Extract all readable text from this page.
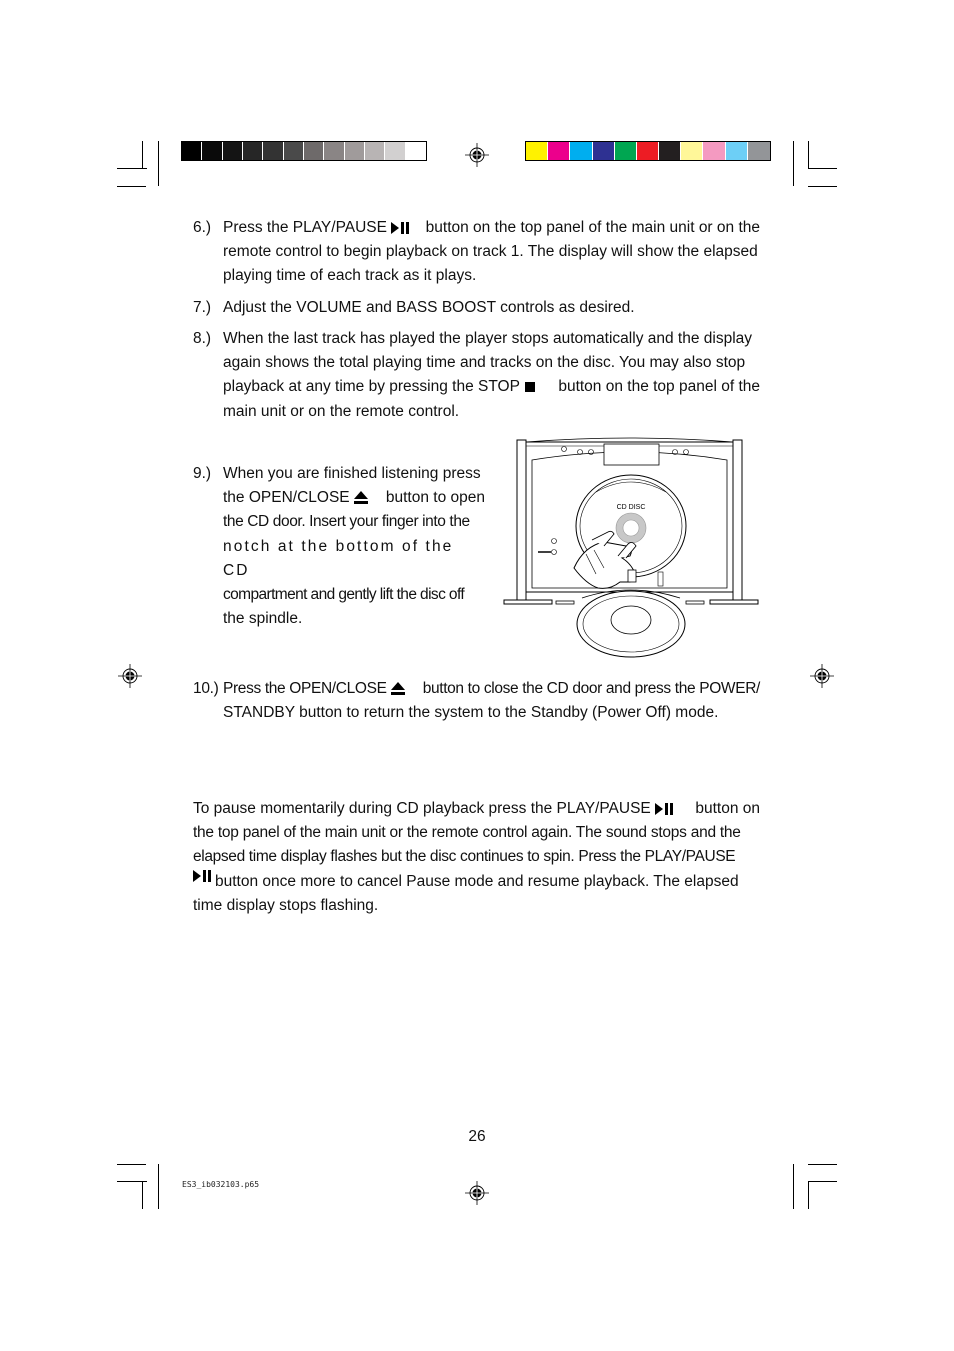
6.) Press the PLAY/PAUSE	button on the top panel of the main unit or on the
remote control to begin playback on track 1. The display will show the elapsed
playing time of each track as it plays.
7.) Adjust the VOLUME and BASS BOOST controls as desired.
8.) When the last track has played the player stops automatically and the display
again shows the total playing time and tracks on the disc. You may also stop
playback at any time by pressing the STOP	button on the top panel of the
main unit or on the remote control.
9.) When you are finished listening press
the OPEN/CLOSE	button to open
the CD door. Insert your finger into the
notch at the bottom of the CD
compartment and gently lift the disc off
the spindle.
CD DISC
10.) Press the OPEN/CLOSE	button to close the CD door and press the POWER/
STANDBY button to return the system to the Standby (Power Off) mode.
To pause momentarily during CD playback press the PLAY/PAUSE	button on
the top panel of the main unit or the remote control again. The sound stops and the
elapsed time display flashes but the disc continues to spin. Press the PLAY/PAUSE
button once more to cancel Pause mode and resume playback. The elapsed
time display stops flashing.
26
ES3_ib032103.p65
